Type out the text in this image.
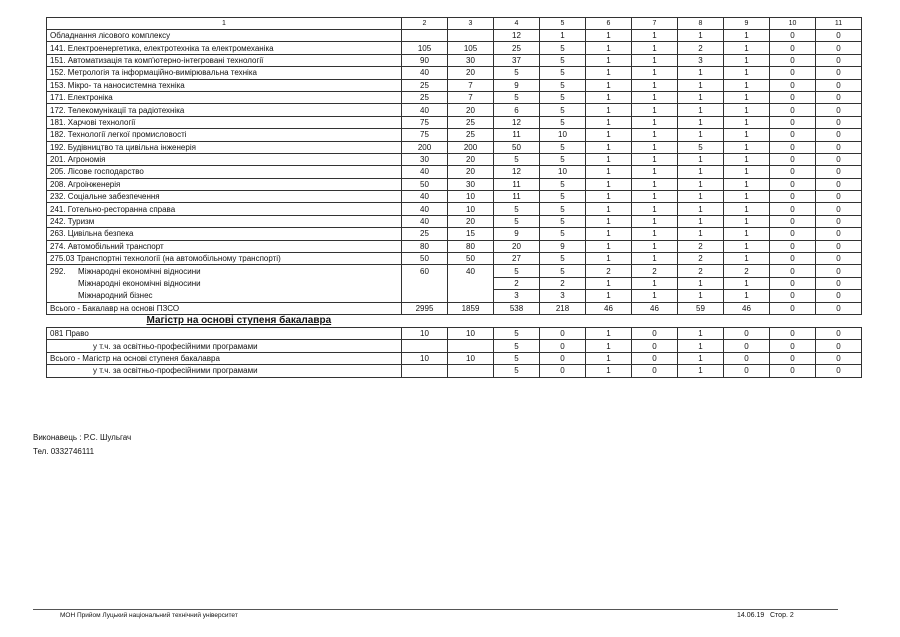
1	2	3	4	5	6	7	8	9	10	11
Обладнання лісового комплексу			12	1	1	1	1	1	0	0
141. Електроенергетика, електротехніка та електромеханіка	105	105	25	5	1	1	2	1	0	0
151. Автоматизація та комп'ютерно-інтегровані технології	90	30	37	5	1	1	3	1	0	0
152. Метрологія та інформаційно-вимірювальна техніка	40	20	5	5	1	1	1	1	0	0
153. Мікро- та наносистемна техніка	25	7	9	5	1	1	1	1	0	0
171. Електроніка	25	7	5	5	1	1	1	1	0	0
172. Телекомунікації та радіотехніка	40	20	6	5	1	1	1	1	0	0
181. Харчові технології	75	25	12	5	1	1	1	1	0	0
182. Технології легкої промисловості	75	25	11	10	1	1	1	1	0	0
192. Будівництво та цивільна інженерія	200	200	50	5	1	1	5	1	0	0
201. Агрономія	30	20	5	5	1	1	1	1	0	0
205. Лісове господарство	40	20	12	10	1	1	1	1	0	0
208. Агроінженерія	50	30	11	5	1	1	1	1	0	0
232. Соціальне забезпечення	40	10	11	5	1	1	1	1	0	0
241. Готельно-ресторанна справа	40	10	5	5	1	1	1	1	0	0
242. Туризм	40	20	5	5	1	1	1	1	0	0
263. Цивільна безпека	25	15	9	5	1	1	1	1	0	0
274. Автомобільний транспорт	80	80	20	9	1	1	2	1	0	0
275.03 Транспортні технології (на автомобільному транспорті)	50	50	27	5	1	1	2	1	0	0
292. Міжнародні економічні відносини	60	40	5	5	2	2	2	2	0	0
Міжнародні економічні відносини			2	2	1	1	1	1	0	0
Міжнародний бізнес			3	3	1	1	1	1	0	0
Всього - Бакалавр на основі ПЗСО	2995	1859	538	218	46	46	59	46	0	0
Магістр на основі ступеня бакалавра										
081 Право	10	10	5	0	1	0	1	0	0	0
у т.ч. за освітньо-професійними програмами			5	0	1	0	1	0	0	0
Всього - Магістр на основі ступеня бакалавра	10	10	5	0	1	0	1	0	0	0
у т.ч. за освітньо-професійними програмами			5	0	1	0	1	0	0	0
Виконавець : Р.С. Шульгач
Тел. 0332746111
МОН Прийом Луцький національний технічний університет	14.06.19 Стор. 2
